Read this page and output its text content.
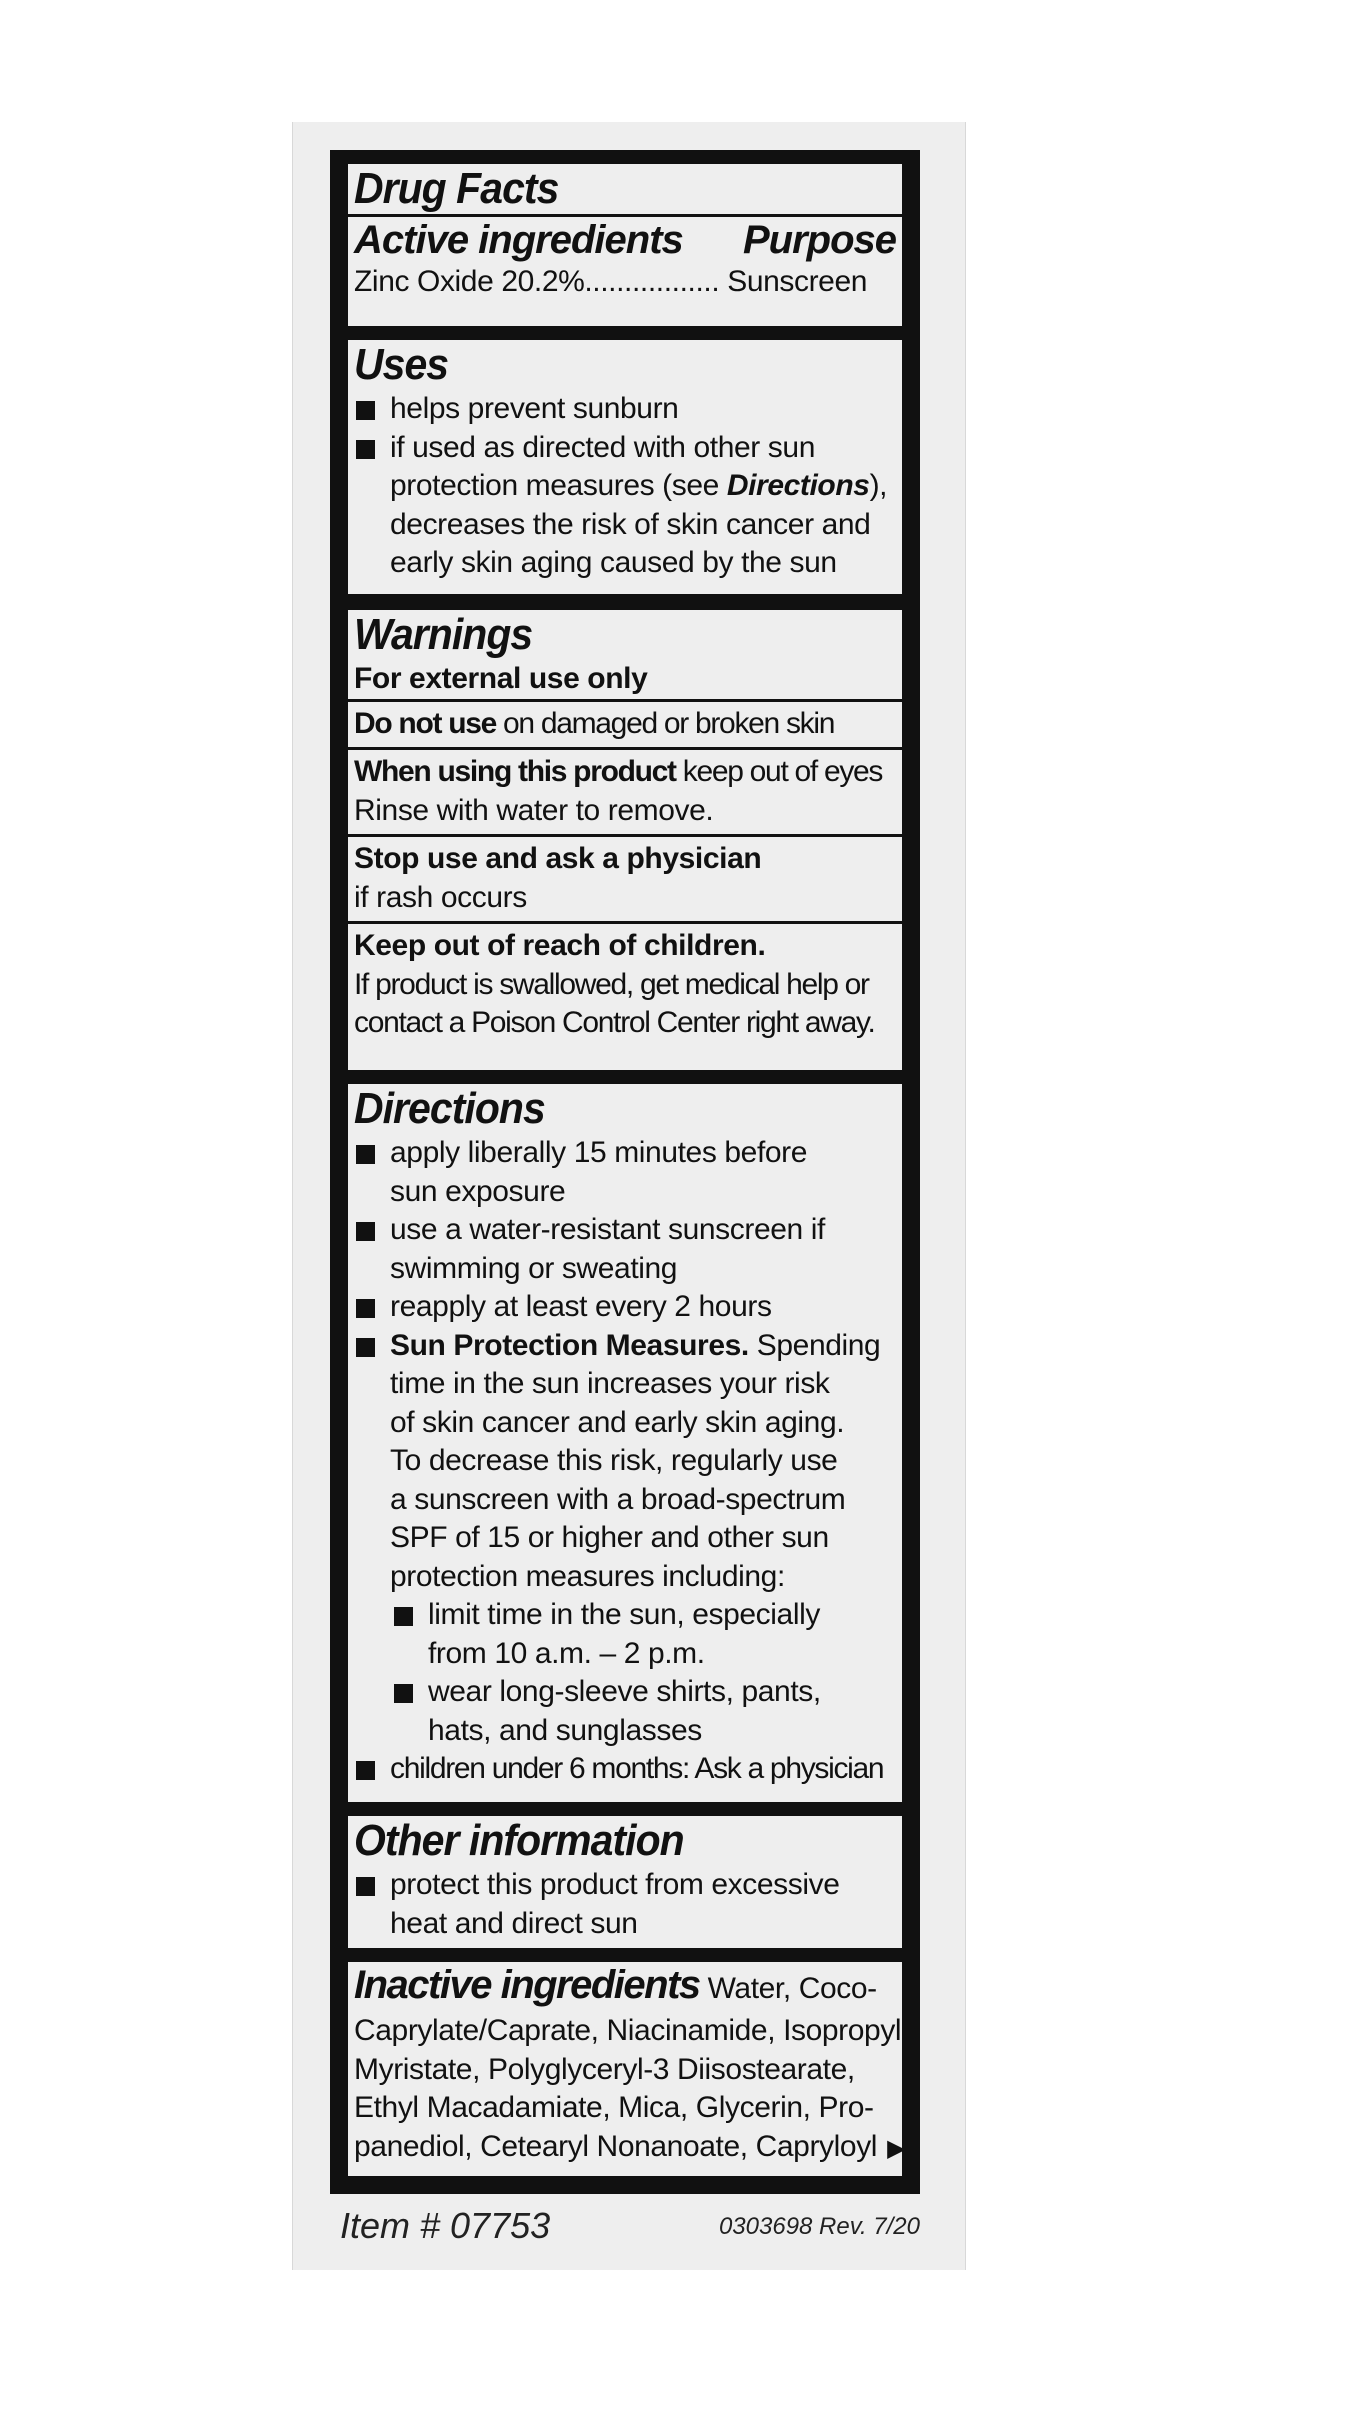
Drug Facts
Active ingredients Purpose
Zinc Oxide 20.2%................. Sunscreen
Uses
helps prevent sunburn
if used as directed with other sun
protection measures (see Directions),
decreases the risk of skin cancer and
early skin aging caused by the sun
Warnings
For external use only
Do not use on damaged or broken skin
When using this product keep out of eyes
Rinse with water to remove.
Stop use and ask a physician
if rash occurs
Keep out of reach of children.
If product is swallowed, get medical help or
contact a Poison Control Center right away.
Directions
apply liberally 15 minutes before
sun exposure
use a water-resistant sunscreen if
swimming or sweating
reapply at least every 2 hours
Sun Protection Measures. Spending
time in the sun increases your risk
of skin cancer and early skin aging.
To decrease this risk, regularly use
a sunscreen with a broad-spectrum
SPF of 15 or higher and other sun
protection measures including:
limit time in the sun, especially
from 10 a.m. – 2 p.m.
wear long-sleeve shirts, pants,
hats, and sunglasses
children under 6 months: Ask a physician
Other information
protect this product from excessive
heat and direct sun
Inactive ingredients Water, Coco-
Caprylate/Caprate, Niacinamide, Isopropyl
Myristate, Polyglyceryl-3 Diisostearate,
Ethyl Macadamiate, Mica, Glycerin, Pro-
panediol, Cetearyl Nonanoate, Capryloyl ▶
Item # 07753	0303698 Rev. 7/20
